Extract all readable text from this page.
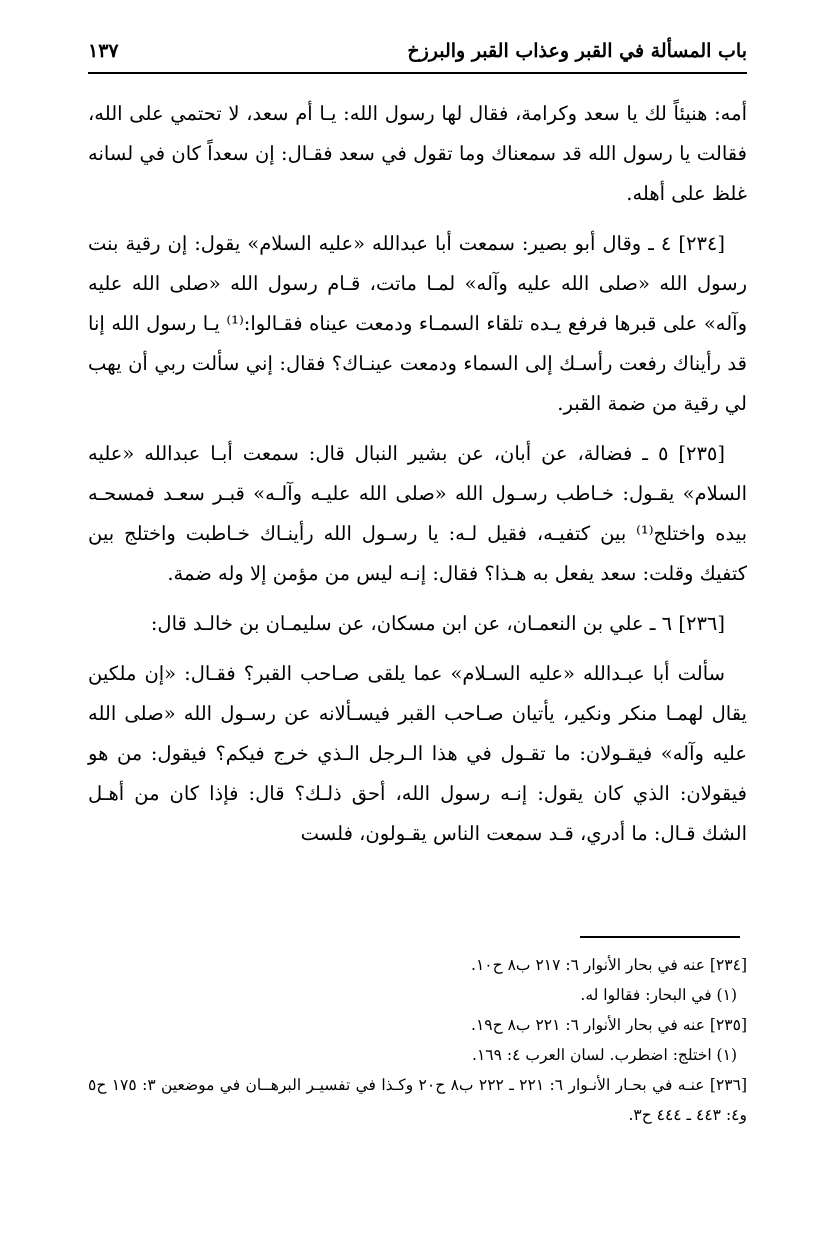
باب المسألة في القبر وعذاب القبر والبرزخ
١٣٧

أمه: هنيئاً لك يا سعد وكرامة، فقال لها رسول الله: يـا أم سعد، لا تحتمي على الله، فقالت يا رسول الله قد سمعناك وما تقول في سعد فقـال: إن سعداً كان في لسانه غلظ على أهله.

[٢٣٤] ٤ ـ وقال أبو بصير: سمعت أبا عبدالله «عليه السلام» يقول: إن رقية بنت رسول الله «صلى الله عليه وآله» لمـا ماتت، قـام رسول الله «صلى الله عليه وآله» على قبرها فرفع يـده تلقاء السمـاء ودمعت عيناه فقـالوا:⁽¹⁾ يـا رسول الله إنا قد رأيناك رفعت رأسـك إلى السماء ودمعت عينـاك؟ فقال: إني سألت ربي أن يهب لي رقية من ضمة القبر.

[٢٣٥] ٥ ـ فضالة، عن أبان، عن بشير النبال قال: سمعت أبـا عبدالله «عليه السلام» يقـول: خـاطب رسـول الله «صلى الله عليـه وآلـه» قبـر سعـد فمسحـه بيده واختلج⁽¹⁾ بين كتفيـه، فقيل لـه: يا رسـول الله رأينـاك خـاطبت واختلج بين كتفيك وقلت: سعد يفعل به هـذا؟ فقال: إنـه ليس من مؤمن إلا وله ضمة.

[٢٣٦] ٦ ـ علي بن النعمـان، عن ابن مسكان، عن سليمـان بن خالـد قال:

سألت أبا عبـدالله «عليه السـلام» عما يلقى صـاحب القبر؟ فقـال: «إن ملكين يقال لهمـا منكر ونكير، يأتيان صـاحب القبر فيسـألانه عن رسـول الله «صلى الله عليه وآله» فيقـولان: ما تقـول في هذا الـرجل الـذي خرج فيكم؟ فيقول: من هو فيقولان: الذي كان يقول: إنـه رسول الله، أحق ذلـك؟ قال: فإذا كان من أهـل الشك قـال: ما أدري، قـد سمعت الناس يقـولون، فلست

[٢٣٤] عنه في بحار الأنوار ٦: ٢١٧ ب٨ ح١٠.
(١) في البحار: فقالوا له.
[٢٣٥] عنه في بحار الأنوار ٦: ٢٢١ ب٨ ح١٩.
(١) اختلج: اضطرب. لسان العرب ٤: ١٦٩.
[٢٣٦] عنـه في بحـار الأنـوار ٦: ٢٢١ ـ ٢٢٢ ب٨ ح٢٠ وكـذا في تفسيـر البرهــان في موضعين ٣: ١٧٥ ح٥ و٤: ٤٤٣ ـ ٤٤٤ ح٣.
